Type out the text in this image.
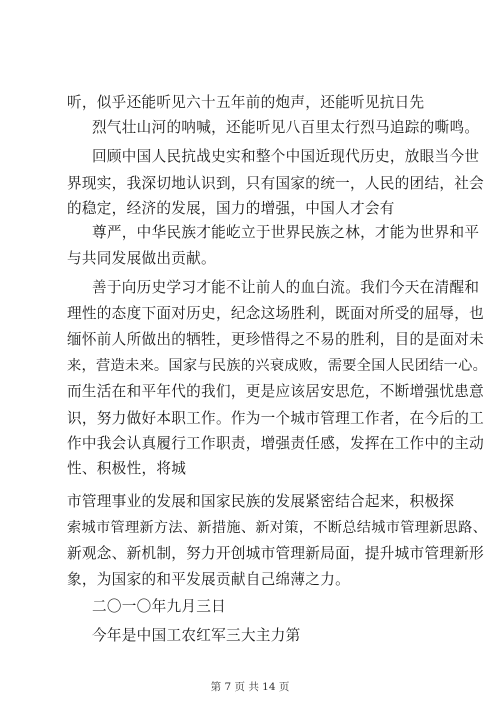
听，似乎还能听见六十五年前的炮声，还能听见抗日先
烈气壮山河的呐喊，还能听见八百里太行烈马追踪的嘶鸣。
回顾中国人民抗战史实和整个中国近现代历史，放眼当今世
界现实，我深切地认识到，只有国家的统一，人民的团结，社会
的稳定，经济的发展，国力的增强，中国人才会有
尊严，中华民族才能屹立于世界民族之林，才能为世界和平
与共同发展做出贡献。
善于向历史学习才能不让前人的血白流。我们今天在清醒和
理性的态度下面对历史，纪念这场胜利，既面对所受的屈辱，也
缅怀前人所做出的牺牲，更珍惜得之不易的胜利，目的是面对未
来，营造未来。国家与民族的兴衰成败，需要全国人民团结一心。
而生活在和平年代的我们，更是应该居安思危，不断增强忧患意
识，努力做好本职工作。作为一个城市管理工作者，在今后的工
作中我会认真履行工作职责，增强责任感，发挥在工作中的主动
性、积极性，将城
市管理事业的发展和国家民族的发展紧密结合起来，积极探
索城市管理新方法、新措施、新对策，不断总结城市管理新思路、
新观念、新机制，努力开创城市管理新局面，提升城市管理新形
象，为国家的和平发展贡献自己绵薄之力。
二〇一〇年九月三日
今年是中国工农红军三大主力第
第 7 页 共 14 页
